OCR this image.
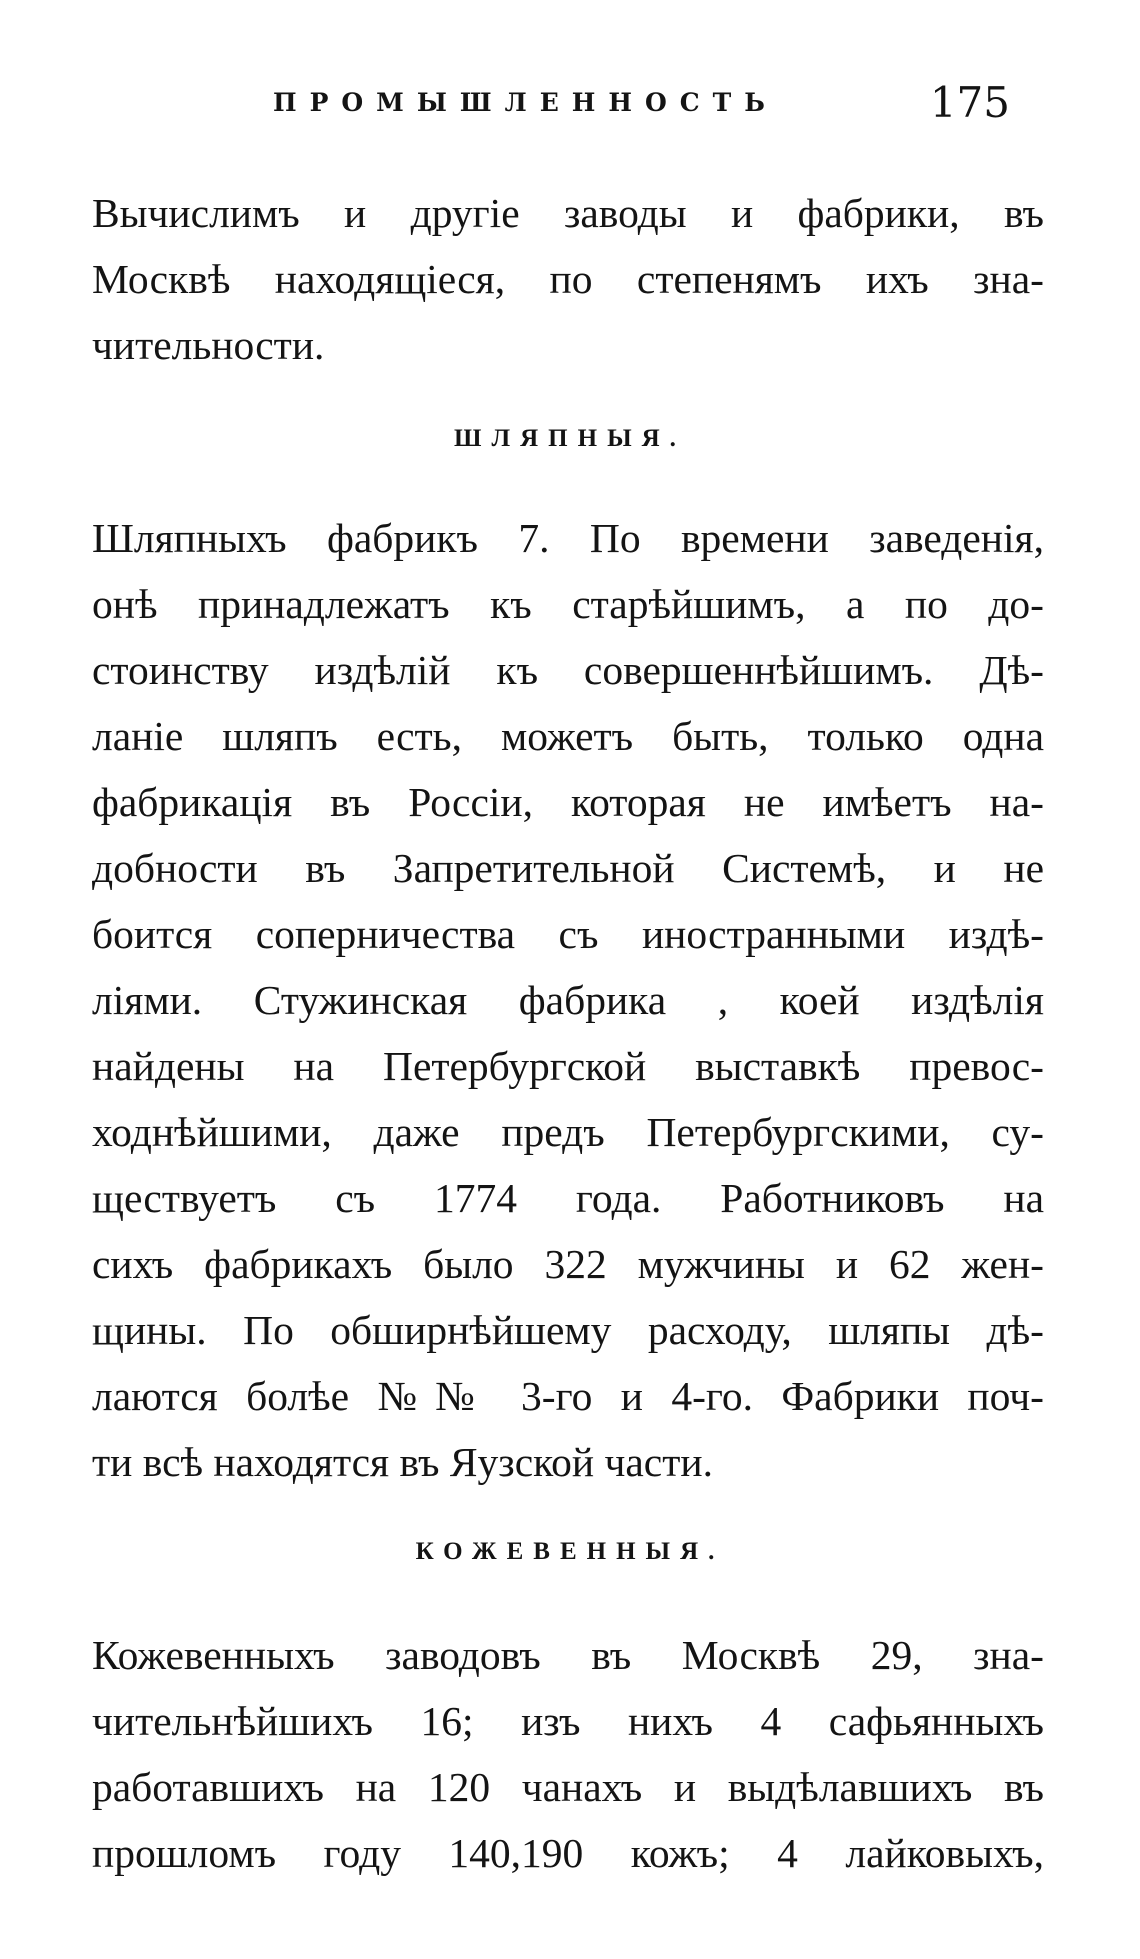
ПРОМЫШЛЕННОСТЬ	175
Вычислимъ и другіе заводы и фабрики, въ
Москвѣ находящіеся, по степенямъ ихъ зна-
чительности.
ШЛЯПНЫЯ.
Шляпныхъ фабрикъ 7. По времени заведенія,
онѣ принадлежатъ къ старѣйшимъ, а по до-
стоинству издѣлій къ совершеннѣйшимъ. Дѣ-
ланіе шляпъ есть, можетъ быть, только одна
фабрикація въ Россіи, которая не имѣетъ на-
добности въ Запретительной Системѣ, и не
боится соперничества съ иностранными издѣ-
ліями. Стужинская фабрика , коей издѣлія
найдены на Петербургской выставкѣ превос-
ходнѣйшими, даже предъ Петербургскими, су-
ществуетъ съ 1774 года. Работниковъ на
сихъ фабрикахъ было 322 мужчины и 62 жен-
щины. По обширнѣйшему расходу, шляпы дѣ-
лаются болѣе №№ 3-го и 4-го. Фабрики поч-
ти всѣ находятся въ Яузской части.
КОЖЕВЕННЫЯ.
Кожевенныхъ заводовъ въ Москвѣ 29, зна-
чительнѣйшихъ 16; изъ нихъ 4 сафьянныхъ
работавшихъ на 120 чанахъ и выдѣлавшихъ въ
прошломъ году 140,190 кожъ; 4 лайковыхъ,
